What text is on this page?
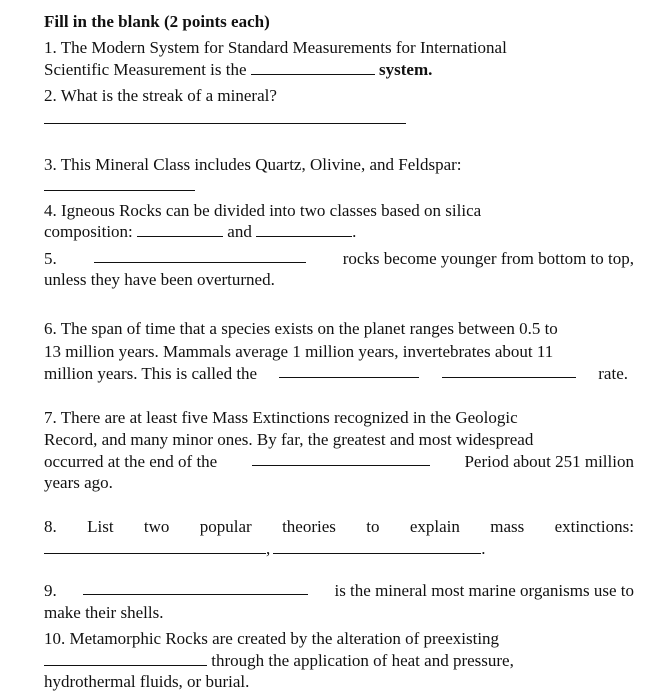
Fill in the blank (2 points each)
1. The Modern System for Standard Measurements for International
Scientific Measurement is the	system.
2. What is the streak of a mineral?
3. This Mineral Class includes Quartz, Olivine, and Feldspar:
4. Igneous Rocks can be divided into two classes based on silica
composition:	and	.
5.	rocks become younger from bottom to top,
unless they have been overturned.
6. The span of time that a species exists on the planet ranges between 0.5 to
13 million years. Mammals average 1 million years, invertebrates about 11
million years. This is called the	rate.
7. There are at least five Mass Extinctions recognized in the Geologic
Record, and many minor ones. By far, the greatest and most widespread
occurred at the end of the	Period about 251 million
years ago.
8. List two popular theories to explain mass extinctions:
,	.
9.	is the mineral most marine organisms use to
make their shells.
10. Metamorphic Rocks are created by the alteration of preexisting
through the application of heat and pressure,
hydrothermal fluids, or burial.
